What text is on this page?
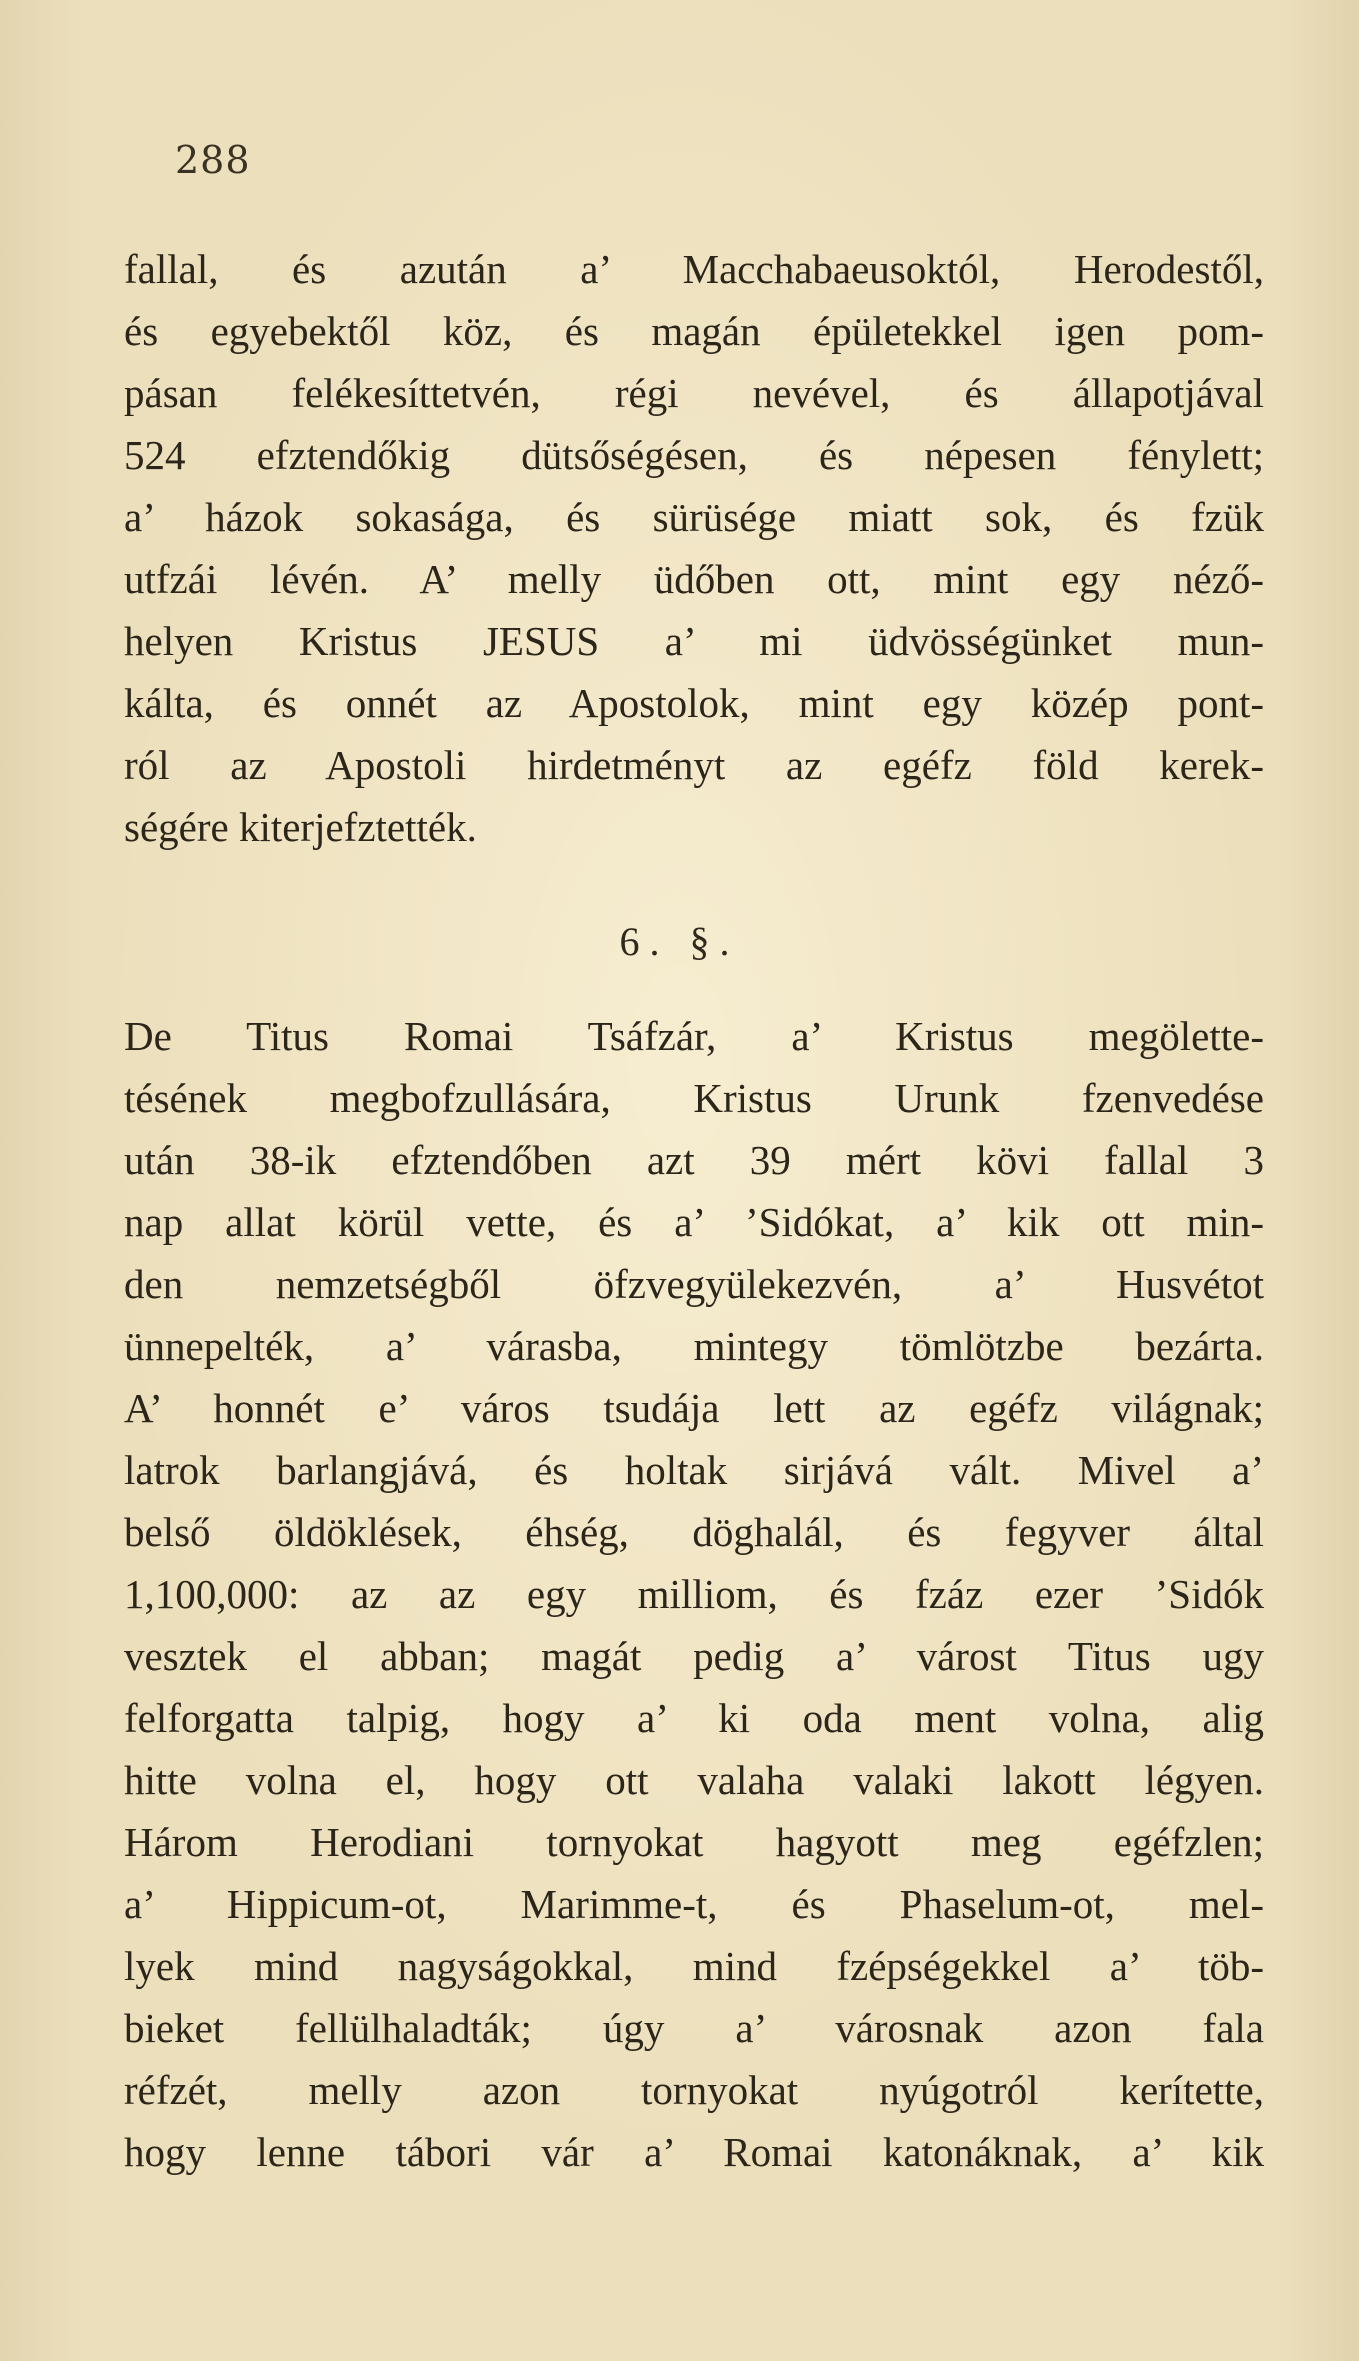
288
fallal, és azután a’ Macchabaeusoktól, Herodestől,
és egyebektől köz, és magán épületekkel igen pom-
pásan felékesíttetvén, régi nevével, és állapotjával
524 efztendőkig dütsőségésen, és népesen fénylett;
a’ házok sokasága, és sürüsége miatt sok, és fzük
utfzái lévén. A’ melly üdőben ott, mint egy néző-
helyen Kristus JESUS a’ mi üdvösségünket mun-
kálta, és onnét az Apostolok, mint egy közép pont-
ról az Apostoli hirdetményt az egéfz föld kerek-
ségére kiterjefztették.
6. §.
De Titus Romai Tsáfzár, a’ Kristus megölette-
tésének megbofzullására, Kristus Urunk fzenvedése
után 38-ik efztendőben azt 39 mért kövi fallal 3
nap allat körül vette, és a’ ’Sidókat, a’ kik ott min-
den nemzetségből öfzvegyülekezvén, a’ Husvétot
ünnepelték, a’ várasba, mintegy tömlötzbe bezárta.
A’ honnét e’ város tsudája lett az egéfz világnak;
latrok barlangjává, és holtak sirjává vált. Mivel a’
belső öldöklések, éhség, döghalál, és fegyver által
1,100,000: az az egy milliom, és fzáz ezer ’Sidók
vesztek el abban; magát pedig a’ várost Titus ugy
felforgatta talpig, hogy a’ ki oda ment volna, alig
hitte volna el, hogy ott valaha valaki lakott légyen.
Három Herodiani tornyokat hagyott meg egéfzlen;
a’ Hippicum-ot, Marimme-t, és Phaselum-ot, mel-
lyek mind nagyságokkal, mind fzépségekkel a’ töb-
bieket fellülhaladták; úgy a’ városnak azon fala
réfzét, melly azon tornyokat nyúgotról kerítette,
hogy lenne tábori vár a’ Romai katonáknak, a’ kik
